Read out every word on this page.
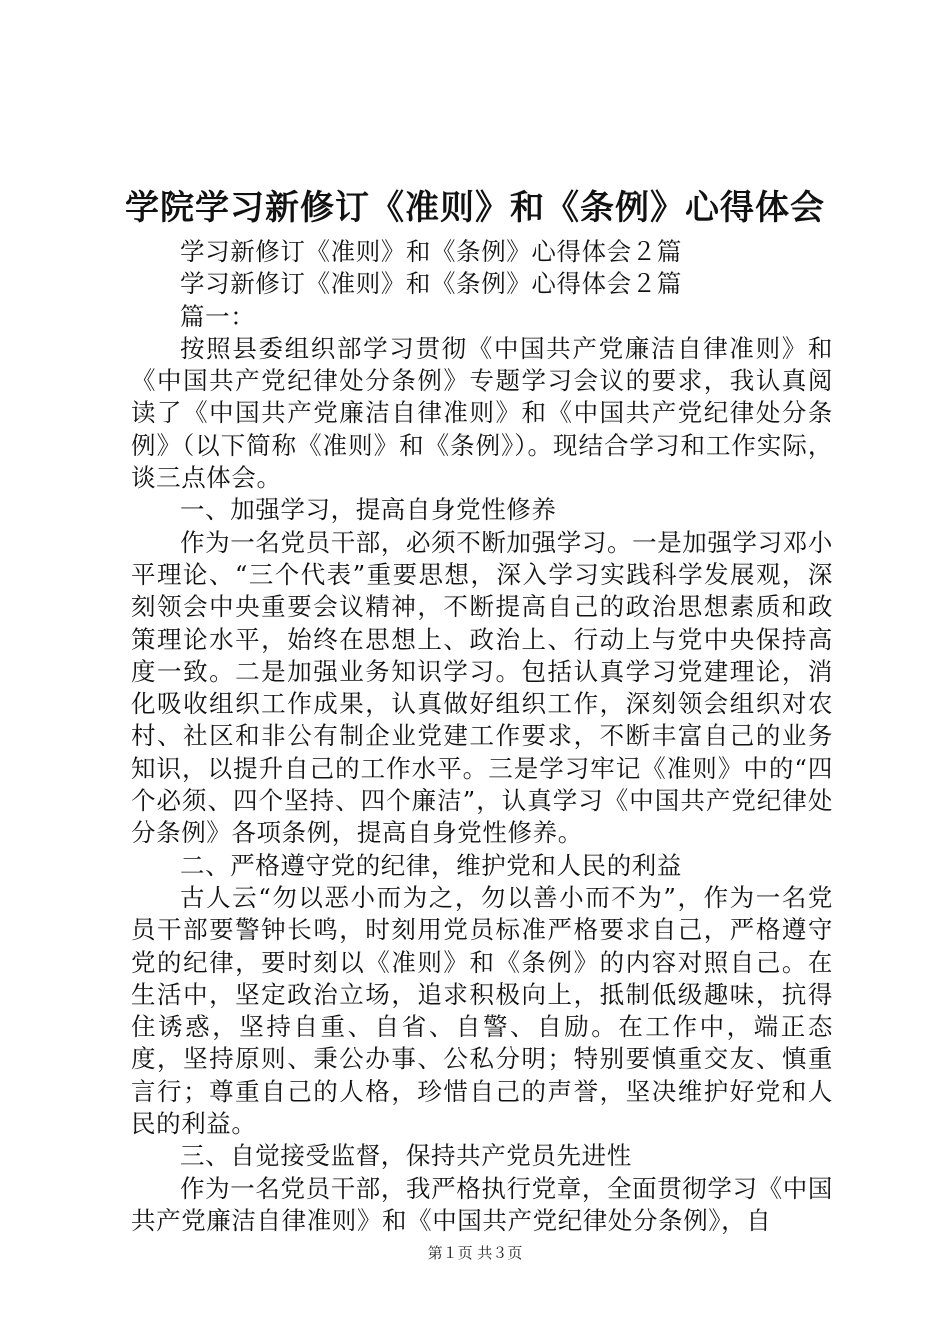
学院学习新修订《准则》和《条例》心得体会

学习新修订《准则》和《条例》心得体会２篇

学习新修订《准则》和《条例》心得体会２篇

篇一：

按照县委组织部学习贯彻《中国共产党廉洁自律准则》和《中国共产党纪律处分条例》专题学习会议的要求，我认真阅读了《中国共产党廉洁自律准则》和《中国共产党纪律处分条例》（以下简称《准则》和《条例》）。现结合学习和工作实际，谈三点体会。

一、加强学习，提高自身党性修养

作为一名党员干部，必须不断加强学习。一是加强学习邓小平理论、“三个代表”重要思想，深入学习实践科学发展观，深刻领会中央重要会议精神，不断提高自己的政治思想素质和政策理论水平，始终在思想上、政治上、行动上与党中央保持高度一致。二是加强业务知识学习。包括认真学习党建理论，消化吸收组织工作成果，认真做好组织工作，深刻领会组织对农村、社区和非公有制企业党建工作要求，不断丰富自己的业务知识，以提升自己的工作水平。三是学习牢记《准则》中的“四个必须、四个坚持、四个廉洁”，认真学习《中国共产党纪律处分条例》各项条例，提高自身党性修养。

二、严格遵守党的纪律，维护党和人民的利益

古人云“勿以恶小而为之，勿以善小而不为”，作为一名党员干部要警钟长鸣，时刻用党员标准严格要求自己，严格遵守党的纪律，要时刻以《准则》和《条例》的内容对照自己。在生活中，坚定政治立场，追求积极向上，抵制低级趣味，抗得住诱惑，坚持自重、自省、自警、自励。在工作中，端正态度，坚持原则、秉公办事、公私分明；特别要慎重交友、慎重言行；尊重自己的人格，珍惜自己的声誉，坚决维护好党和人民的利益。

三、自觉接受监督，保持共产党员先进性

作为一名党员干部，我严格执行党章，全面贯彻学习《中国共产党廉洁自律准则》和《中国共产党纪律处分条例》，自

第１页 共３页
